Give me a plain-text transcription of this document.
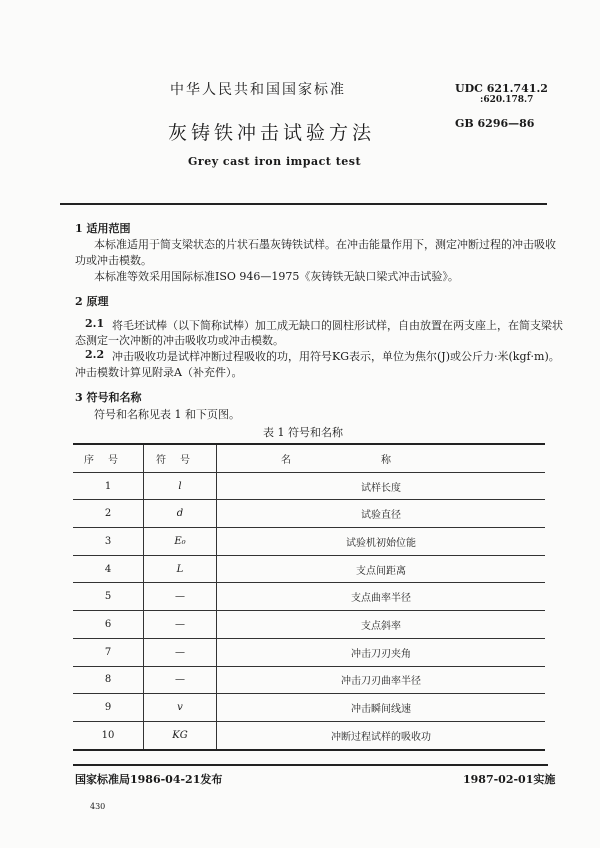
中华人民共和国国家标准	UDC 621.741.2
:620.178.7
GB 6296—86
灰铸铁冲击试验方法
Grey cast iron impact test
1 适用范围
本标准适用于简支梁状态的片状石墨灰铸铁试样。在冲击能量作用下，测定冲断过程的冲击吸收
功或冲击模数。
本标准等效采用国际标准ISO 946—1975《灰铸铁无缺口梁式冲击试验》。
2 原理
2.1 将毛坯试棒（以下简称试棒）加工成无缺口的圆柱形试样，自由放置在两支座上，在简支梁状
态测定一次冲断的冲击吸收功或冲击模数。
2.2 冲击吸收功是试样冲断过程吸收的功，用符号KG表示，单位为焦尔(J)或公斤力·米(kgf·m)。
冲击模数计算见附录A（补充件）。
3 符号和名称
符号和名称见表 1 和下页图。
表 1 符号和名称
序号	符号	名称
1	l	试样长度
2	d	试验直径
3	E₀	试验机初始位能
4	L	支点间距离
5	—	支点曲率半径
6	—	支点斜率
7	—	冲击刀刃夹角
8	—	冲击刀刃曲率半径
9	v	冲击瞬间线速
10	KG	冲断过程试样的吸收功
国家标准局1986-04-21发布	1987-02-01实施
430
